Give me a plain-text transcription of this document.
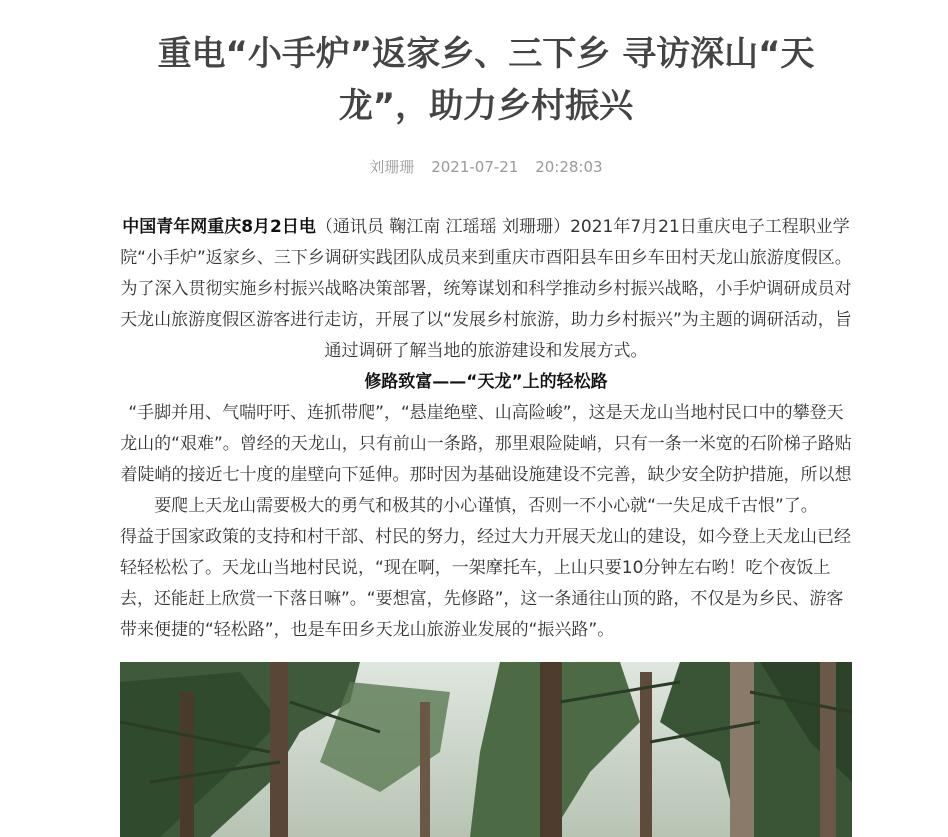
重电“小手炉”返家乡、三下乡 寻访深山“天龙”，助力乡村振兴
刘珊珊 2021-07-21 20:28:03

中国青年网重庆8月2日电（通讯员 鞠江南 江瑶瑶 刘珊珊）2021年7月21日重庆电子工程职业学院“小手炉”返家乡、三下乡调研实践团队成员来到重庆市酉阳县车田乡车田村天龙山旅游度假区。为了深入贯彻实施乡村振兴战略决策部署，统筹谋划和科学推动乡村振兴战略，小手炉调研成员对天龙山旅游度假区游客进行走访，开展了以“发展乡村旅游，助力乡村振兴”为主题的调研活动，旨通过调研了解当地的旅游建设和发展方式。

修路致富——“天龙”上的轻松路

“手脚并用、气喘吁吁、连抓带爬”，“悬崖绝壁、山高险峻”，这是天龙山当地村民口中的攀登天龙山的“艰难”。曾经的天龙山，只有前山一条路，那里艰险陡峭，只有一条一米宽的石阶梯子路贴着陡峭的接近七十度的崖壁向下延伸。那时因为基础设施建设不完善，缺少安全防护措施，所以想要爬上天龙山需要极大的勇气和极其的小心谨慎，否则一不小心就“一失足成千古恨”了。

得益于国家政策的支持和村干部、村民的努力，经过大力开展天龙山的建设，如今登上天龙山已经轻轻松松了。天龙山当地村民说，“现在啊，一架摩托车，上山只要10分钟左右哟！吃个夜饭上去，还能赶上欣赏一下落日嘛”。“要想富，先修路”，这一条通往山顶的路，不仅是为乡民、游客带来便捷的“轻松路”，也是车田乡天龙山旅游业发展的“振兴路”。
